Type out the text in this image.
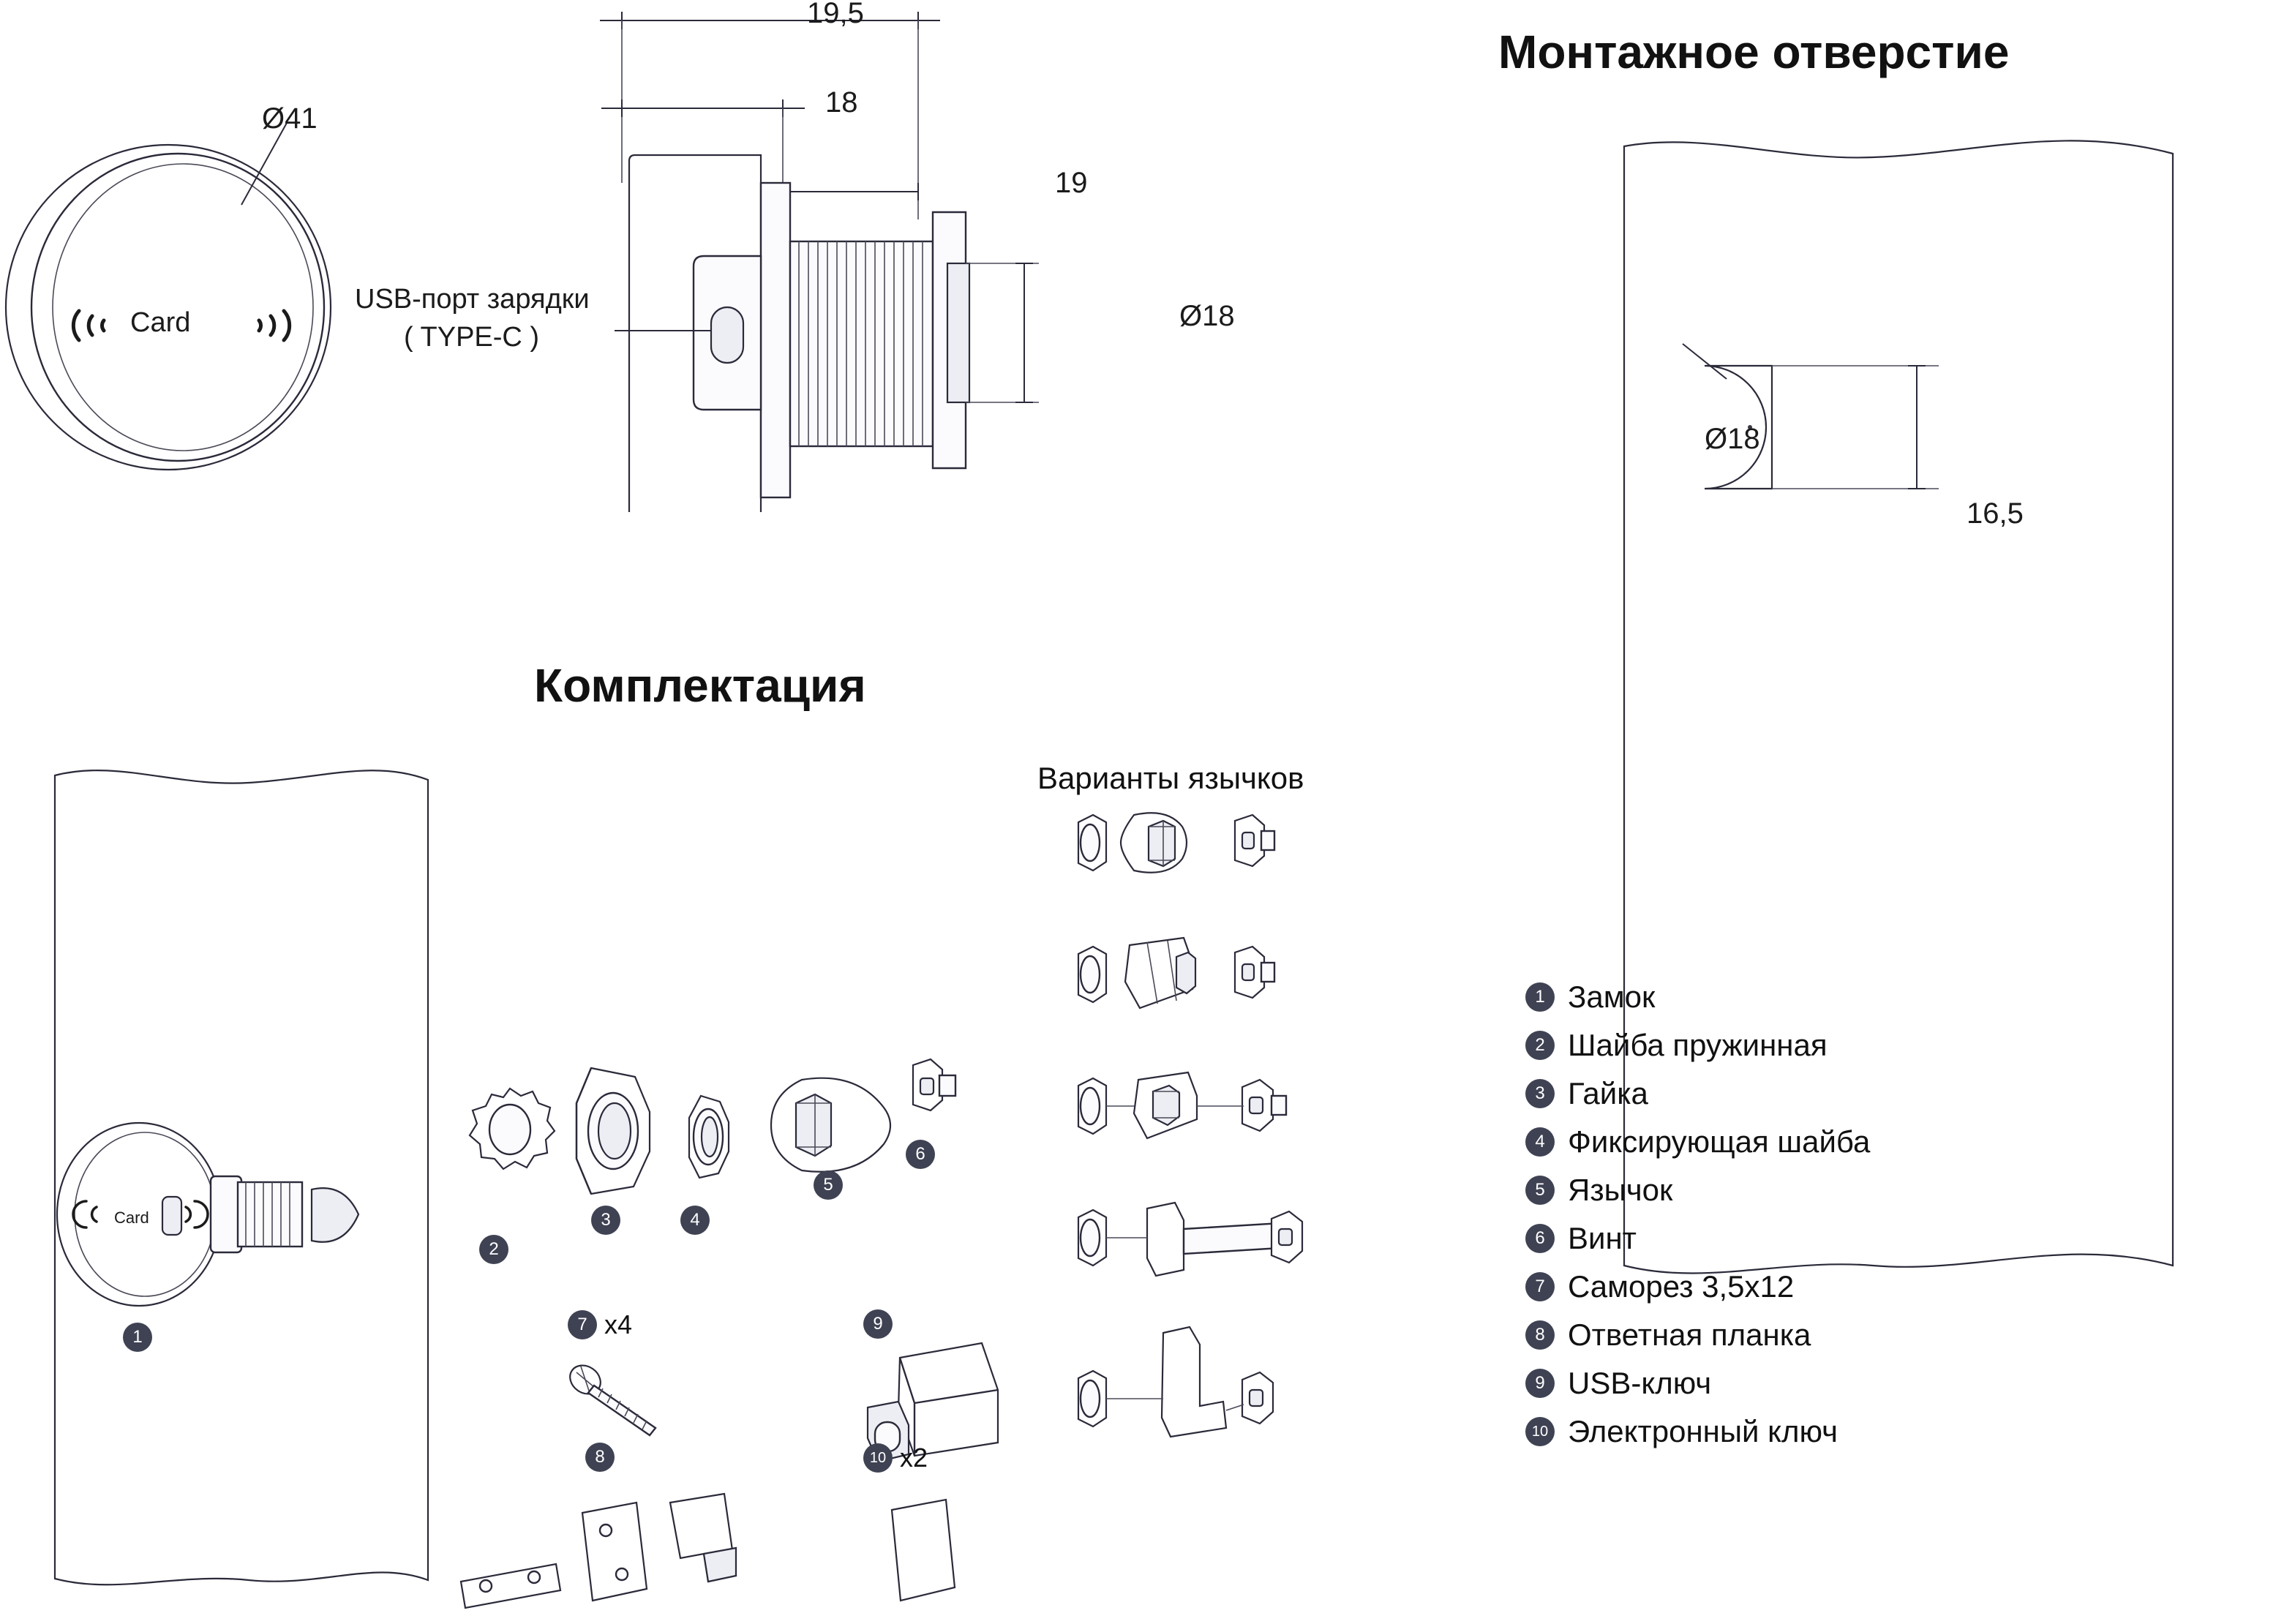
Ø41
Card
19,5
18
19
Ø18
USB-порт зарядки
( TYPE-C )
Монтажное отверстие
Ø18
16,5
Комплектация
Card
1
2
3	4
5
6
7 x4
8
9
10 x2
Варианты язычков
1 Замок
2 Шайба пружинная
3 Гайка
4 Фиксирующая шайба
5 Язычок
6 Винт
7 Саморез 3,5х12
8 Ответная планка
9 USB-ключ
10 Электронный ключ
